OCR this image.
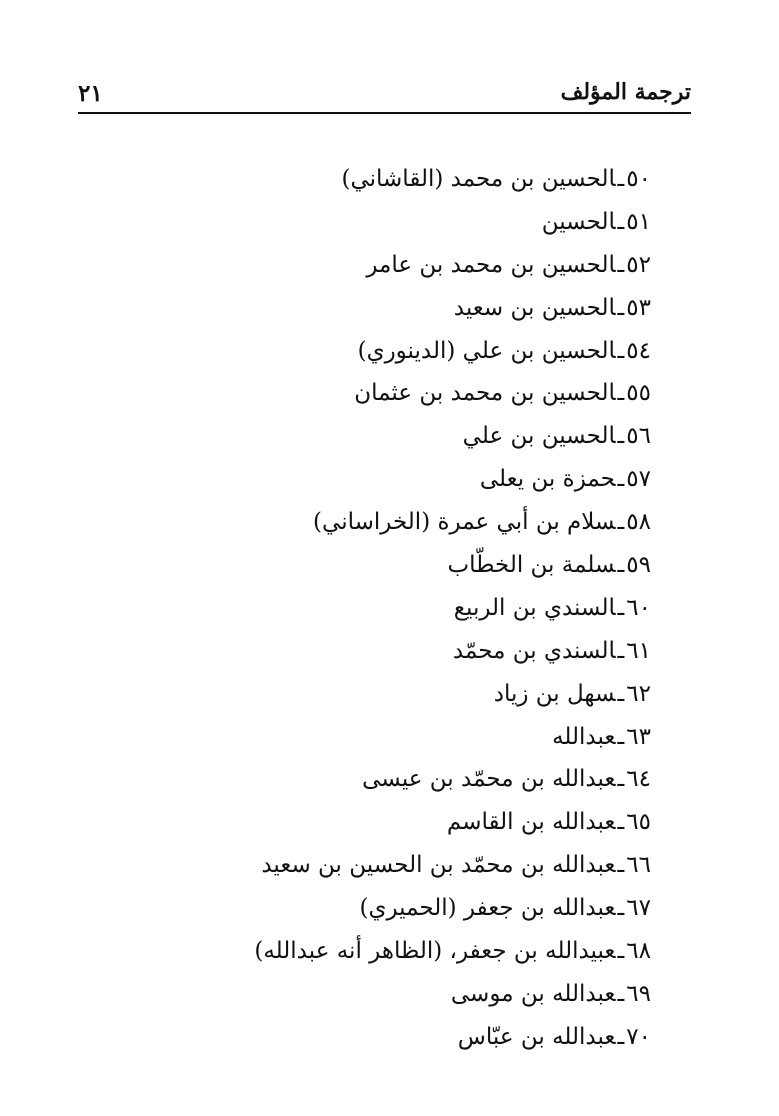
ترجمة المؤلف
٢١
٥٠ـالحسين بن محمد (القاشاني)
٥١ـالحسين
٥٢ـالحسين بن محمد بن عامر
٥٣ـالحسين بن سعيد
٥٤ـالحسين بن علي (الدينوري)
٥٥ـالحسين بن محمد بن عثمان
٥٦ـالحسين بن علي
٥٧ـحمزة بن يعلى
٥٨ـسلام بن أبي عمرة (الخراساني)
٥٩ـسلمة بن الخطّاب
٦٠ـالسندي بن الربيع
٦١ـالسندي بن محمّد
٦٢ـسهل بن زياد
٦٣ـعبدالله
٦٤ـعبدالله بن محمّد بن عيسى
٦٥ـعبدالله بن القاسم
٦٦ـعبدالله بن محمّد بن الحسين بن سعيد
٦٧ـعبدالله بن جعفر (الحميري)
٦٨ـعبيدالله بن جعفر، (الظاهر أنه عبدالله)
٦٩ـعبدالله بن موسى
٧٠ـعبدالله بن عبّاس
